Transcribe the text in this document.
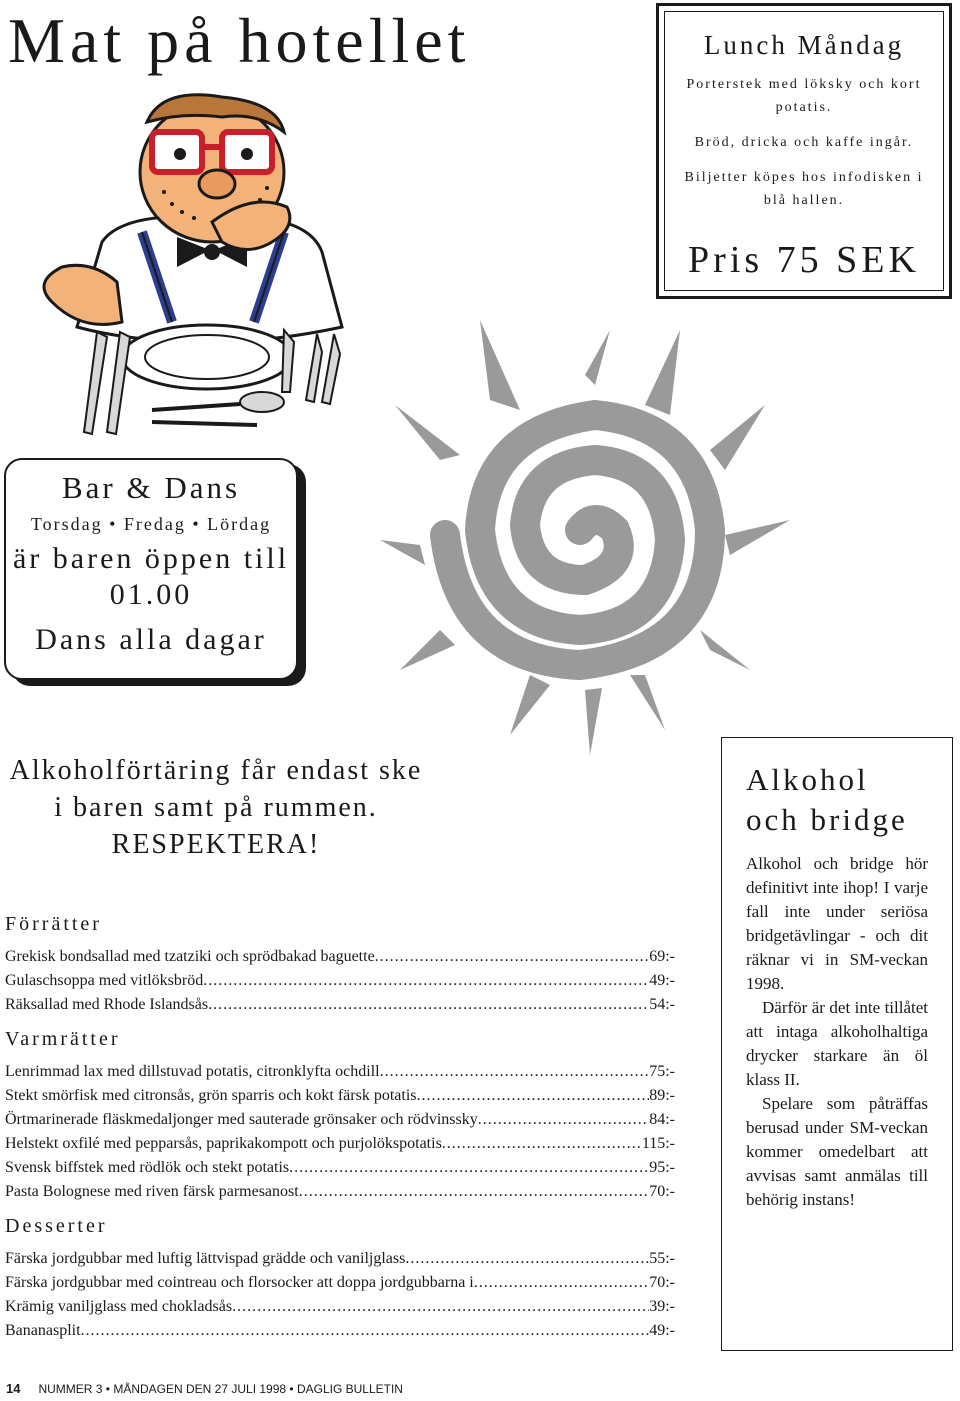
Mat på hotellet	Lunch Måndag
Porterstek med löksky och kort potatis.
Bröd, dricka och kaffe ingår.
Biljetter köpes hos infodisken i blå hallen.
Pris 75 SEK
Bar & Dans
Torsdag • Fredag • Lördag
är baren öppen till 01.00
Dans alla dagar
Alkoholförtäring får endast ske i baren samt på rummen. RESPEKTERA!
Alkohol och bridge

Alkohol och bridge hör definitivt inte ihop! I varje fall inte under seriösa bridgetävlingar - och dit räknar vi in SM-veckan 1998.

Därför är det inte tillåtet att intaga alkoholhaltiga drycker starkare än öl klass II.

Spelare som påträffas berusad under SM-veckan kommer omedelbart att avvisas samt anmälas till behörig instans!

Förrätter
Grekisk bondsallad med tzatziki och sprödbakad baguette .....	69:-
Gulaschsoppa med vitlöksbröd .....	49:-
Räksallad med Rhode Islandsås .....	54:-
Varmrätter
Lenrimmad lax med dillstuvad potatis, citronklyfta ochdill .....	75:-
Stekt smörfisk med citronsås, grön sparris och kokt färsk potatis .....	89:-
Örtmarinerade fläskmedaljonger med sauterade grönsaker och rödvinssky .....	84:-
Helstekt oxfilé med pepparsås, paprikakompott och purjolökspotatis .....	115:-
Svensk biffstek med rödlök och stekt potatis .....	95:-
Pasta Bolognese med riven färsk parmesanost .....	70:-
Desserter
Färska jordgubbar med luftig lättvispad grädde och vaniljglass .....	55:-
Färska jordgubbar med cointreau och florsocker att doppa jordgubbarna i .....	70:-
Krämig vaniljglass med chokladsås .....	39:-
Bananasplit .....	49:-
14 NUMMER 3 • MÅNDAGEN DEN 27 JULI 1998 • DAGLIG BULLETIN
